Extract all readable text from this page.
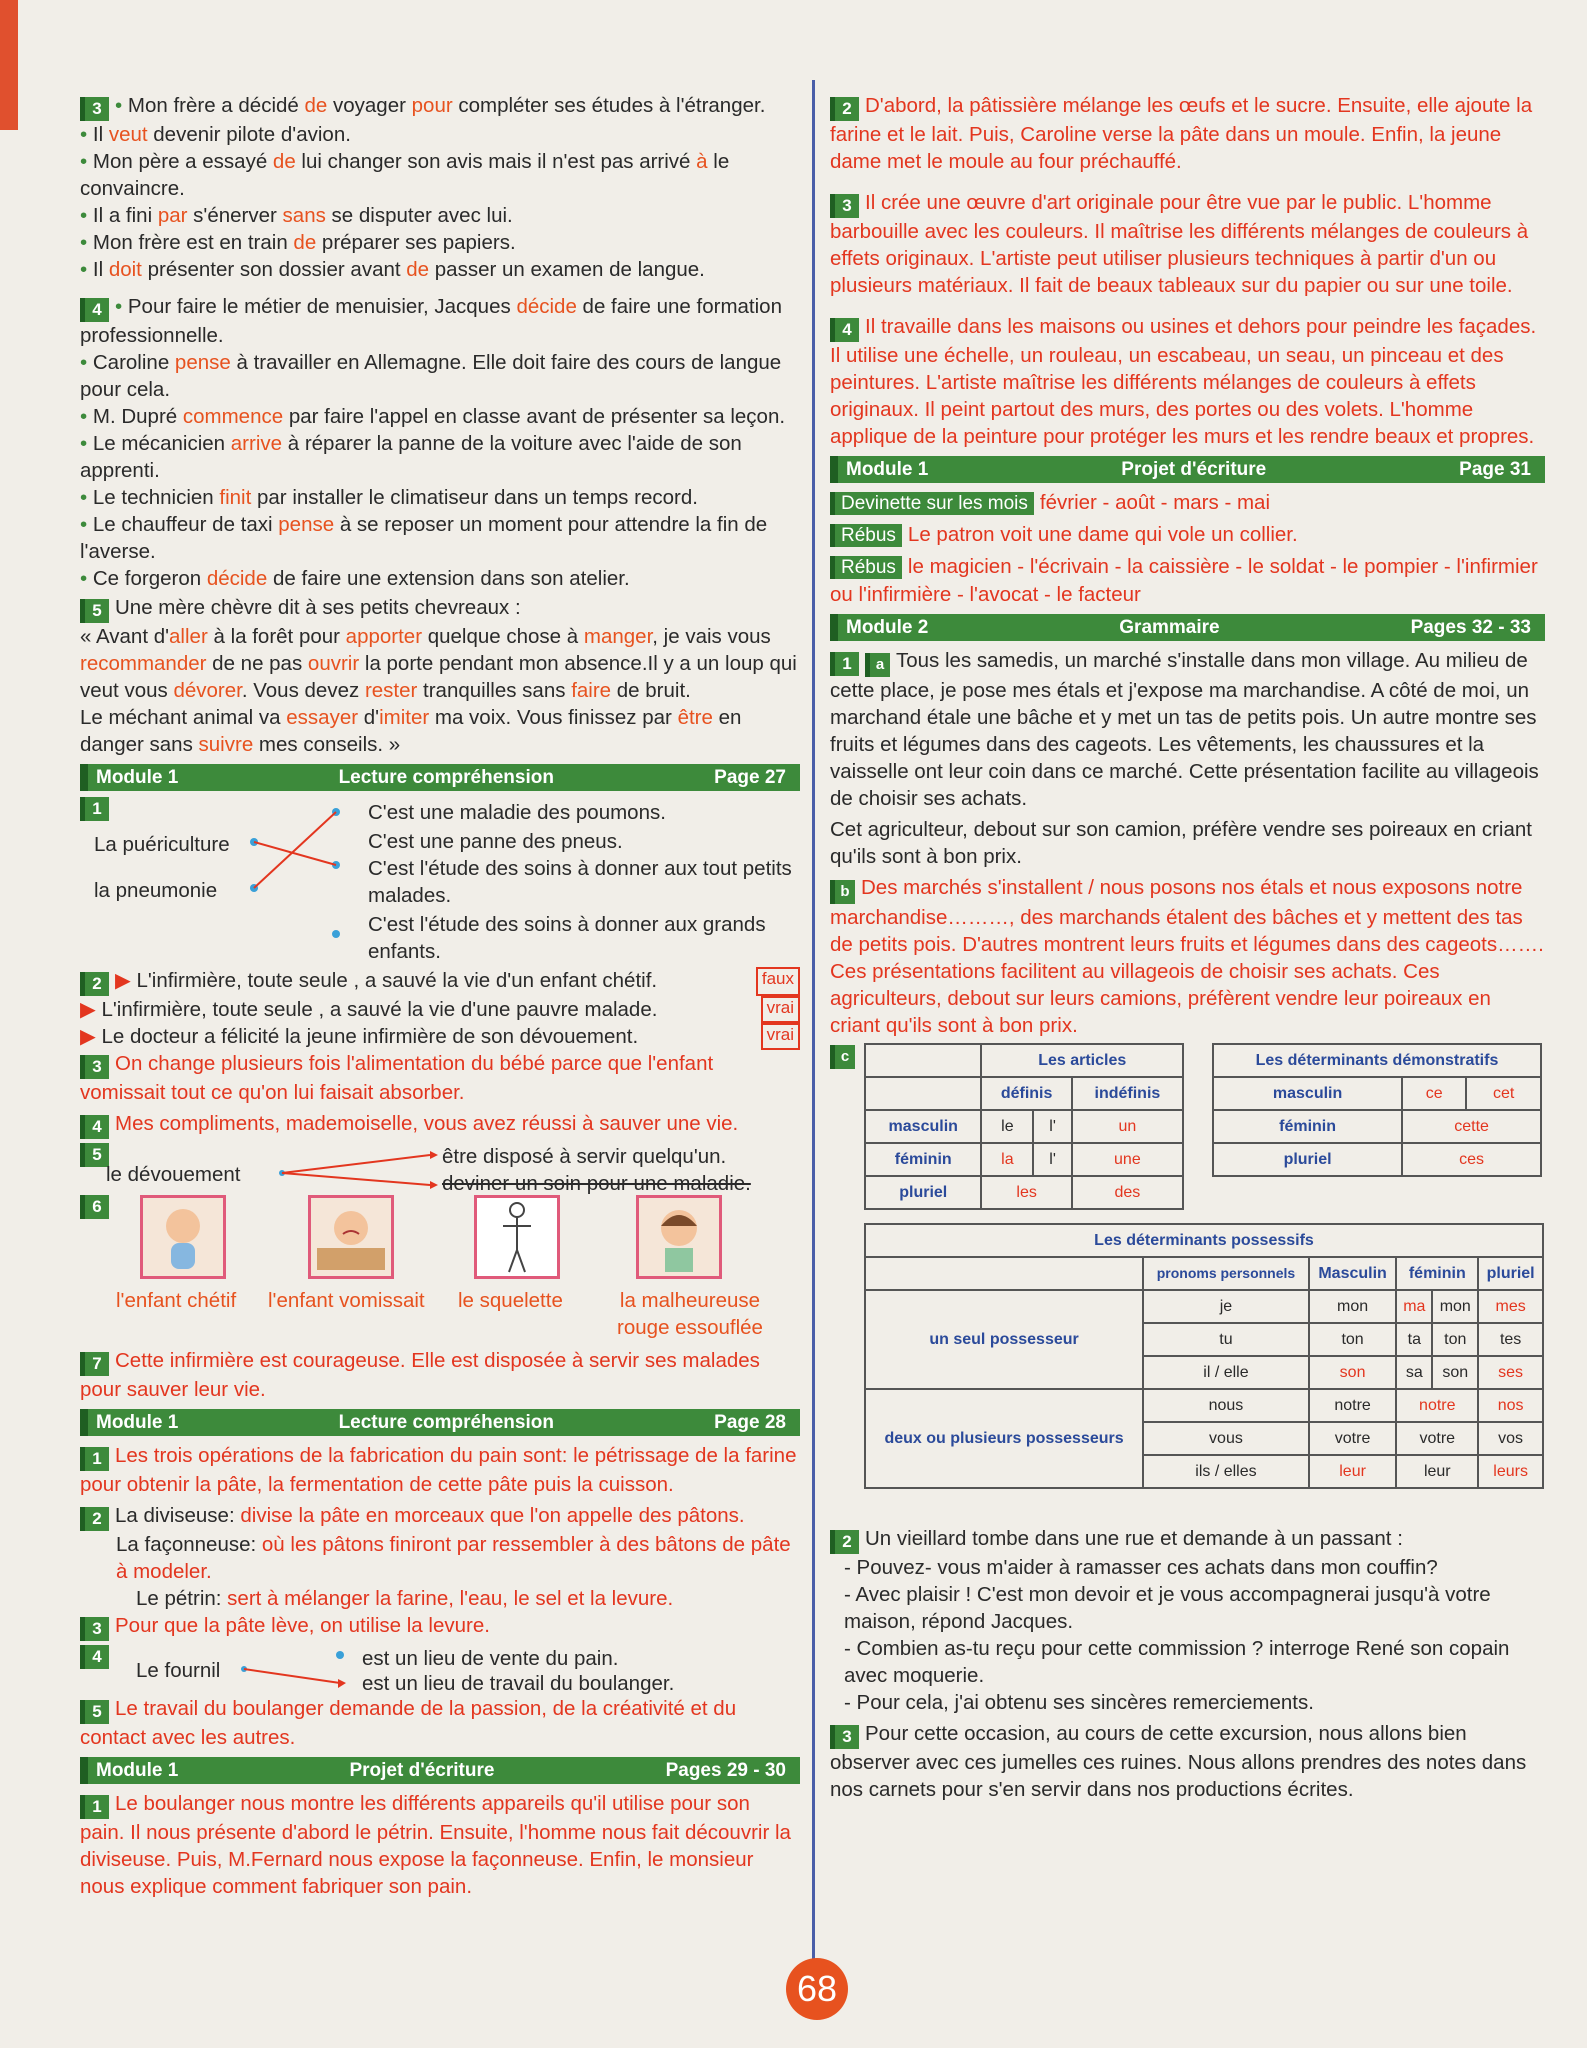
3 • Mon frère a décidé de voyager pour compléter ses études à l'étranger.
• Il veut devenir pilote d'avion.
• Mon père a essayé de lui changer son avis mais il n'est pas arrivé à le convaincre.
• Il a fini par s'énerver sans se disputer avec lui.
• Mon frère est en train de préparer ses papiers.
• Il doit présenter son dossier avant de passer un examen de langue.
4 • Pour faire le métier de menuisier, Jacques décide de faire une formation professionnelle.
• Caroline pense à travailler en Allemagne. Elle doit faire des cours de langue pour cela.
• M. Dupré commence par faire l'appel en classe avant de présenter sa leçon.
• Le mécanicien arrive à réparer la panne de la voiture avec l'aide de son apprenti.
• Le technicien finit par installer le climatiseur dans un temps record.
• Le chauffeur de taxi pense à se reposer un moment pour attendre la fin de l'averse.
• Ce forgeron décide de faire une extension dans son atelier.
5 Une mère chèvre dit à ses petits chevreaux :
« Avant d'aller à la forêt pour apporter quelque chose à manger, je vais vous recommander de ne pas ouvrir la porte pendant mon absence.Il y a un loup qui veut vous dévorer. Vous devez rester tranquilles sans faire de bruit.
Le méchant animal va essayer d'imiter ma voix. Vous finissez par être en danger sans suivre mes conseils. »
Module 1	Lecture compréhension	Page 27
1
La puériculture
la pneumonie
C'est une maladie des poumons.
C'est une panne des pneus.
C'est l'étude des soins à donner aux tout petits malades.
C'est l'étude des soins à donner aux grands enfants.
2 ▶ L'infirmière, toute seule , a sauvé la vie d'un enfant chétif.	faux
▶ L'infirmière, toute seule , a sauvé la vie d'une pauvre malade.	vrai
▶ Le docteur a félicité la jeune infirmière de son dévouement.	vrai
3 On change plusieurs fois l'alimentation du bébé parce que l'enfant vomissait tout ce qu'on lui faisait absorber.
4 Mes compliments, mademoiselle, vous avez réussi à sauver une vie.
5
le dévouement
être disposé à servir quelqu'un.
deviner un soin pour une maladie.
6
l'enfant chétif l'enfant vomissait le squelette	la malheureuse rouge essouflée
7 Cette infirmière est courageuse. Elle est disposée à servir ses malades pour sauver leur vie.
Module 1	Lecture compréhension	Page 28
1 Les trois opérations de la fabrication du pain sont: le pétrissage de la farine pour obtenir la pâte, la fermentation de cette pâte puis la cuisson.
2 La diviseuse: divise la pâte en morceaux que l'on appelle des pâtons.
La façonneuse: où les pâtons finiront par ressembler à des bâtons de pâte à modeler.
Le pétrin: sert à mélanger la farine, l'eau, le sel et la levure.
3 Pour que la pâte lève, on utilise la levure.
4
Le fournil
est un lieu de vente du pain.
est un lieu de travail du boulanger.
5 Le travail du boulanger demande de la passion, de la créativité et du contact avec les autres.
Module 1	Projet d'écriture	Pages 29 - 30
1 Le boulanger nous montre les différents appareils qu'il utilise pour son pain. Il nous présente d'abord le pétrin. Ensuite, l'homme nous fait découvrir la diviseuse. Puis, M.Fernard nous expose la façonneuse. Enfin, le monsieur nous explique comment fabriquer son pain.
2 D'abord, la pâtissière mélange les œufs et le sucre. Ensuite, elle ajoute la farine et le lait. Puis, Caroline verse la pâte dans un moule. Enfin, la jeune dame met le moule au four préchauffé.
3 Il crée une œuvre d'art originale pour être vue par le public. L'homme barbouille avec les couleurs. Il maîtrise les différents mélanges de couleurs à effets originaux. L'artiste peut utiliser plusieurs techniques à partir d'un ou plusieurs matériaux. Il fait de beaux tableaux sur du papier ou sur une toile.
4 Il travaille dans les maisons ou usines et dehors pour peindre les façades. Il utilise une échelle, un rouleau, un escabeau, un seau, un pinceau et des peintures. L'artiste maîtrise les différents mélanges de couleurs à effets originaux. Il peint partout des murs, des portes ou des volets. L'homme applique de la peinture pour protéger les murs et les rendre beaux et propres.
Module 1	Projet d'écriture	Page 31
Devinette sur les mois février - août - mars - mai
Rébus Le patron voit une dame qui vole un collier.
Rébus le magicien - l'écrivain - la caissière - le soldat - le pompier - l'infirmier ou l'infirmière - l'avocat - le facteur
Module 2	Grammaire	Pages 32 - 33
1 a Tous les samedis, un marché s'installe dans mon village. Au milieu de cette place, je pose mes étals et j'expose ma marchandise. A côté de moi, un marchand étale une bâche et y met un tas de petits pois. Un autre montre ses fruits et légumes dans des cageots. Les vêtements, les chaussures et la vaisselle ont leur coin dans ce marché. Cette présentation facilite au villageois de choisir ses achats.
Cet agriculteur, debout sur son camion, préfère vendre ses poireaux en criant qu'ils sont à bon prix.
b Des marchés s'installent / nous posons nos étals et nous exposons notre marchandise………, des marchands étalent des bâches et y mettent des tas de petits pois. D'autres montrent leurs fruits et légumes dans des cageots……. Ces présentations facilitent au villageois de choisir ses achats. Ces agriculteurs, debout sur leurs camions, préfèrent vendre leur poireaux en criant qu'ils sont à bon prix.
c
		Les articles		
	définis		indéfinis
masculin	le	l'	un
féminin	la	l'	une
pluriel	les		des
Les déterminants démonstratifs		
masculin	ce	cet
féminin	cette	
pluriel	ces	
Les déterminants possessifs					
	pronoms personnels	Masculin	féminin		pluriel
un seul possesseur	je	mon	ma	mon	mes
	tu	ton	ta	ton	tes
	il / elle	son	sa	son	ses
deux ou plusieurs possesseurs	nous	notre	notre		nos
	vous	votre	votre		vos
	ils / elles	leur	leur		leurs
2 Un vieillard tombe dans une rue et demande à un passant :
- Pouvez- vous m'aider à ramasser ces achats dans mon couffin?
- Avec plaisir ! C'est mon devoir et je vous accompagnerai jusqu'à votre maison, répond Jacques.
- Combien as-tu reçu pour cette commission ? interroge René son copain avec moquerie.
- Pour cela, j'ai obtenu ses sincères remerciements.
3 Pour cette occasion, au cours de cette excursion, nous allons bien observer avec ces jumelles ces ruines. Nous allons prendres des notes dans nos carnets pour s'en servir dans nos productions écrites.
68
